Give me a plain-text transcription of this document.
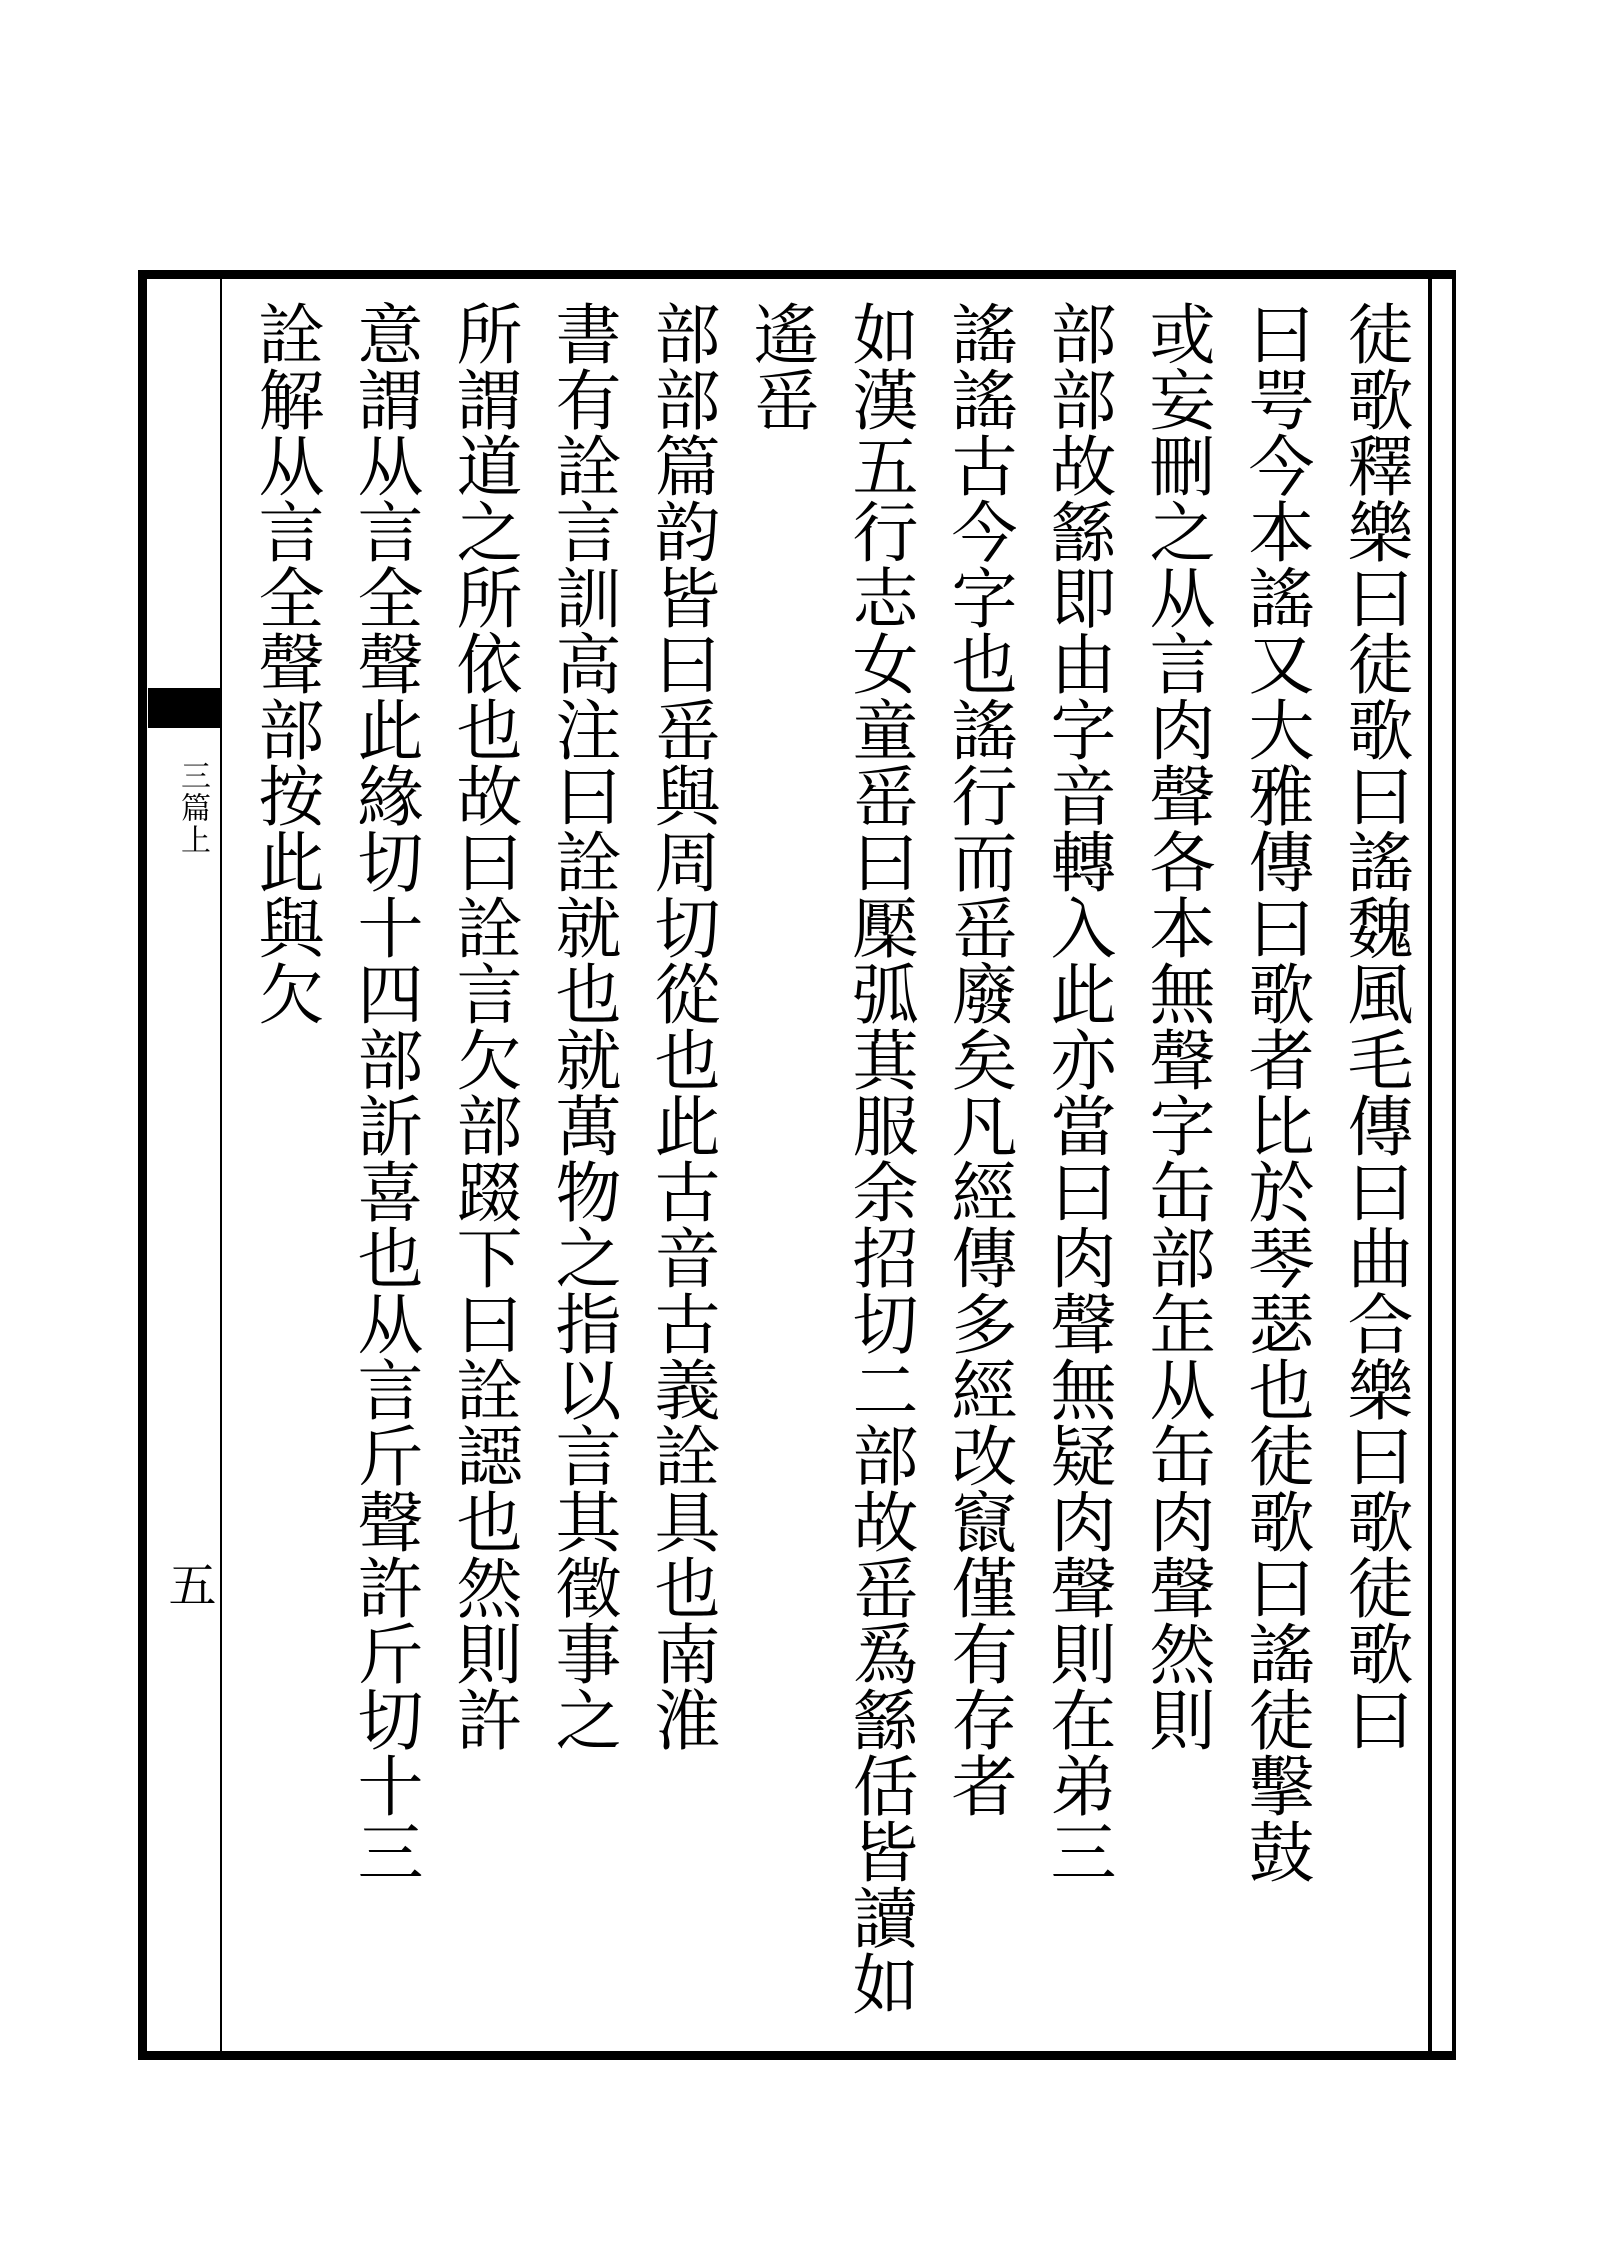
三篇上
五	徒歌釋樂曰徒歌曰謠魏風毛傳曰曲合樂曰歌徒歌曰
曰咢今本謠又大雅傳曰歌者比於琴瑟也徒歌曰謠徒擊鼓
或妄刪之从言肉聲各本無聲字缶部𦈢从缶肉聲然則
部部故䌛即由字音轉入此亦當曰肉聲無疑肉聲則在弟三
謠謠古今字也謠行而䍃廢矣凡經傳多經改竄僅有存者
如漢五行志女童䍃曰檿弧萁服余招切二部故䍃𤔡䌛佸皆讀如遙䍃
部部篇韵皆曰䍃與周切從也此古音古義詮具也南淮
書有詮言訓高注曰詮就也就萬物之指以言其徵事之
所謂道之所依也故曰詮言欠部䟾下曰詮䜑也然則許
意謂从言全聲此緣切十四部訢喜也从言斤聲許斤切十三
詮解从言全聲部按此與欠
